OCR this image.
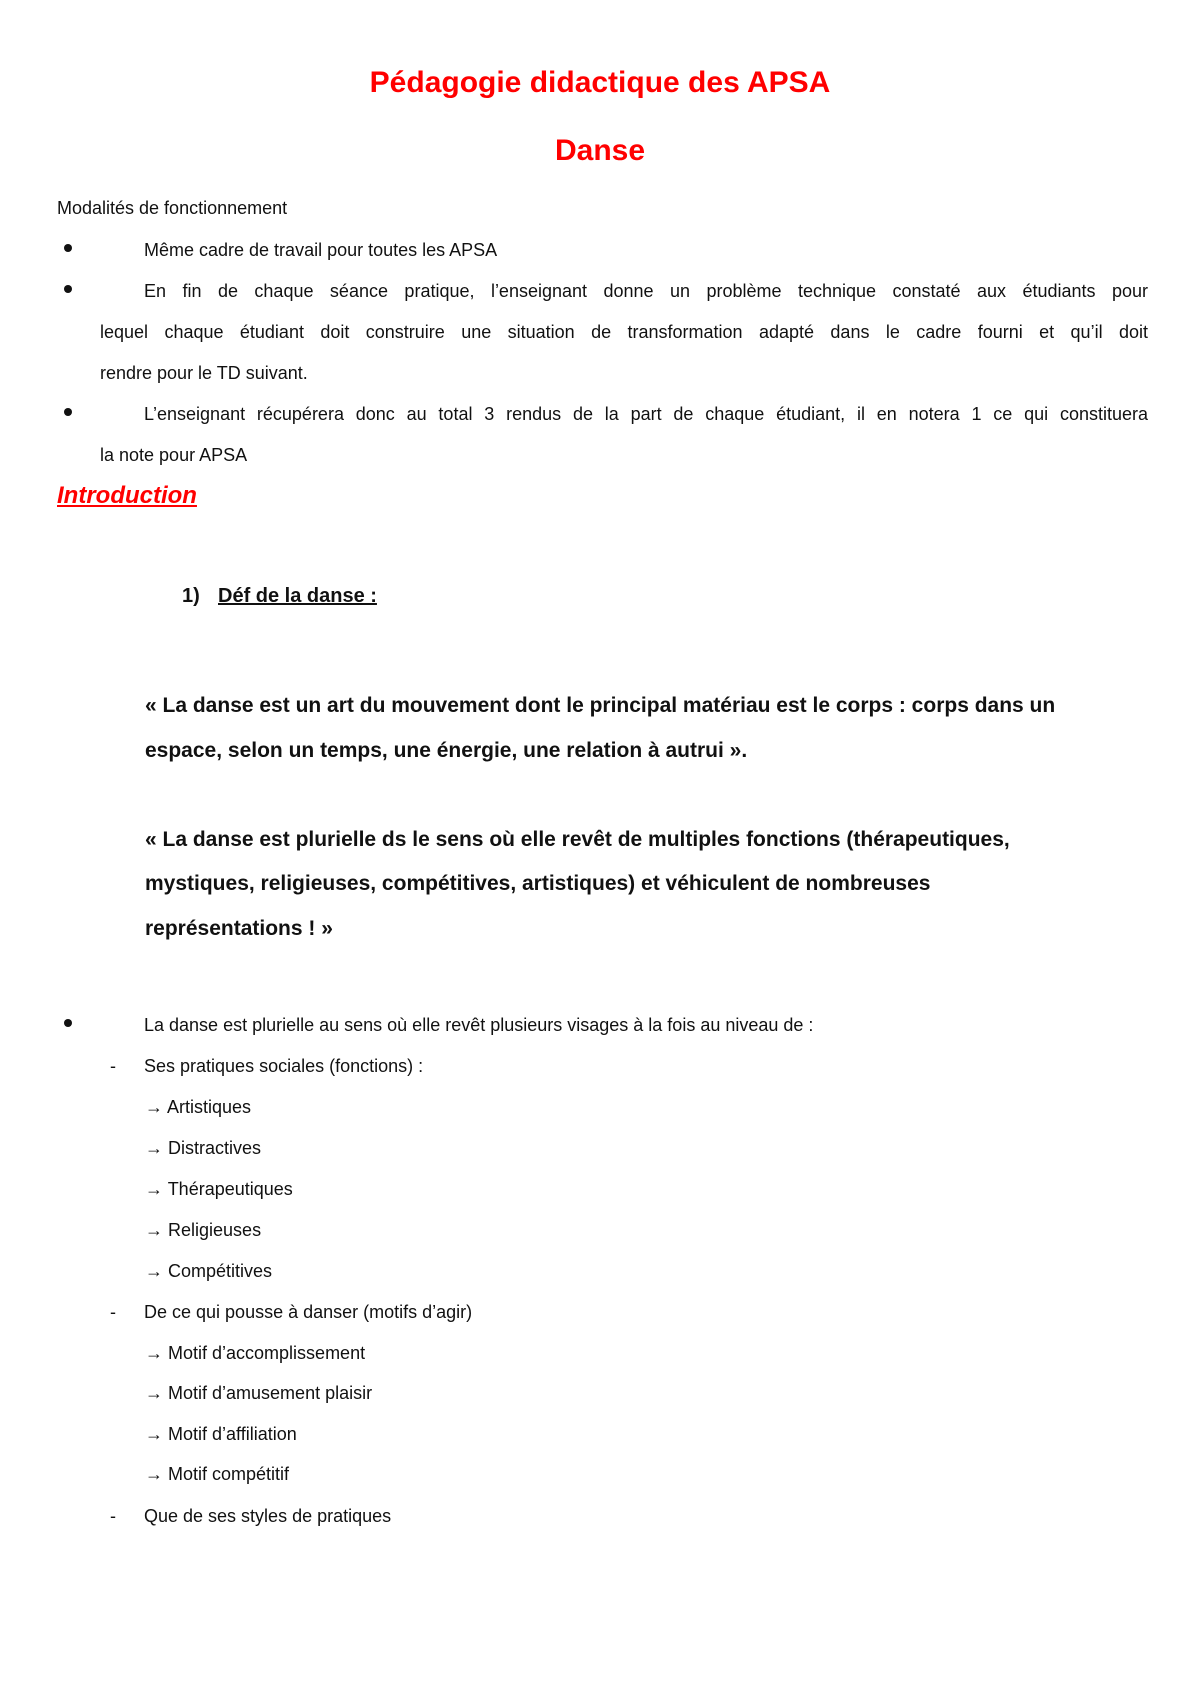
Pédagogie didactique des APSA
Danse

Modalités de fonctionnement

Même cadre de travail pour toutes les APSA

En fin de chaque séance pratique, l’enseignant donne un problème technique constaté aux étudiants pour

lequel chaque étudiant doit construire une situation de transformation adapté dans le cadre fourni et qu’il doit

rendre pour le TD suivant.

L’enseignant récupérera donc au total 3 rendus de la part de chaque étudiant, il en notera 1 ce qui constituera

la note pour APSA

Introduction
1) Déf de la danse :

« La danse est un art du mouvement dont le principal matériau est le corps : corps dans un

espace, selon un temps, une énergie, une relation à autrui ».

« La danse est plurielle ds le sens où elle revêt de multiples fonctions (thérapeutiques,

mystiques, religieuses, compétitives, artistiques) et véhiculent de nombreuses

représentations ! »

La danse est plurielle au sens où elle revêt plusieurs visages à la fois au niveau de :

- Ses pratiques sociales (fonctions) :

→ Artistiques
→ Distractives
→ Thérapeutiques
→ Religieuses
→ Compétitives
- De ce qui pousse à danser (motifs d’agir)

→ Motif d’accomplissement
→ Motif d’amusement plaisir
→ Motif d’affiliation
→ Motif compétitif
- Que de ses styles de pratiques
